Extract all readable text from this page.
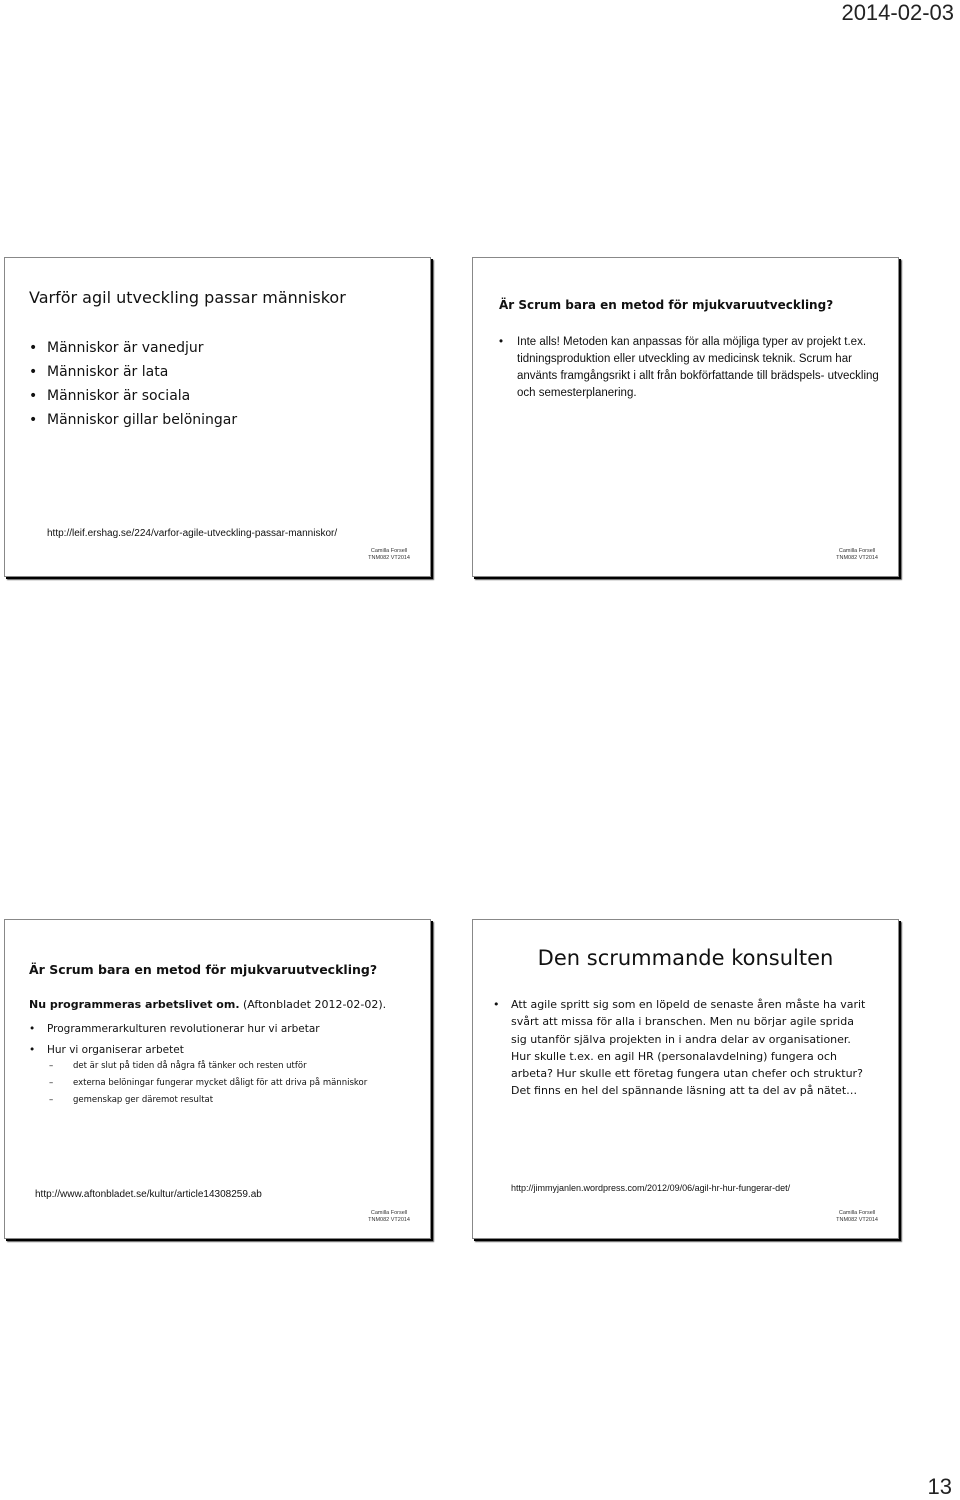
2014-02-03
Varför agil utveckling passar människor
• Människor är vanedjur
• Människor är lata
• Människor är sociala
• Människor gillar belöningar
http://leif.ershag.se/224/varfor-agile-utveckling-passar-manniskor/
Camilla Forsell
TNM082 VT2014
Är Scrum bara en metod för mjukvaruutveckling?
• Inte alls! Metoden kan anpassas för alla möjliga typer av projekt t.ex. tidningsproduktion eller utveckling av medicinsk teknik. Scrum har använts framgångsrikt i allt från bokförfattande till brädspels- utveckling och semesterplanering.
Camilla Forsell
TNM082 VT2014
Är Scrum bara en metod för mjukvaruutveckling?
Nu programmeras arbetslivet om. (Aftonbladet 2012-02-02).
• Programmerarkulturen revolutionerar hur vi arbetar
• Hur vi organiserar arbetet
– det är slut på tiden då några få tänker och resten utför
– externa belöningar fungerar mycket dåligt för att driva på människor
– gemenskap ger däremot resultat
http://www.aftonbladet.se/kultur/article14308259.ab
Camilla Forsell
TNM082 VT2014
Den scrummande konsulten
• Att agile spritt sig som en löpeld de senaste åren måste ha varit svårt att missa för alla i branschen. Men nu börjar agile sprida sig utanför själva projekten in i andra delar av organisationer. Hur skulle t.ex. en agil HR (personalavdelning) fungera och arbeta? Hur skulle ett företag fungera utan chefer och struktur? Det finns en hel del spännande läsning att ta del av på nätet…
http://jimmyjanlen.wordpress.com/2012/09/06/agil-hr-hur-fungerar-det/
Camilla Forsell
TNM082 VT2014
13
